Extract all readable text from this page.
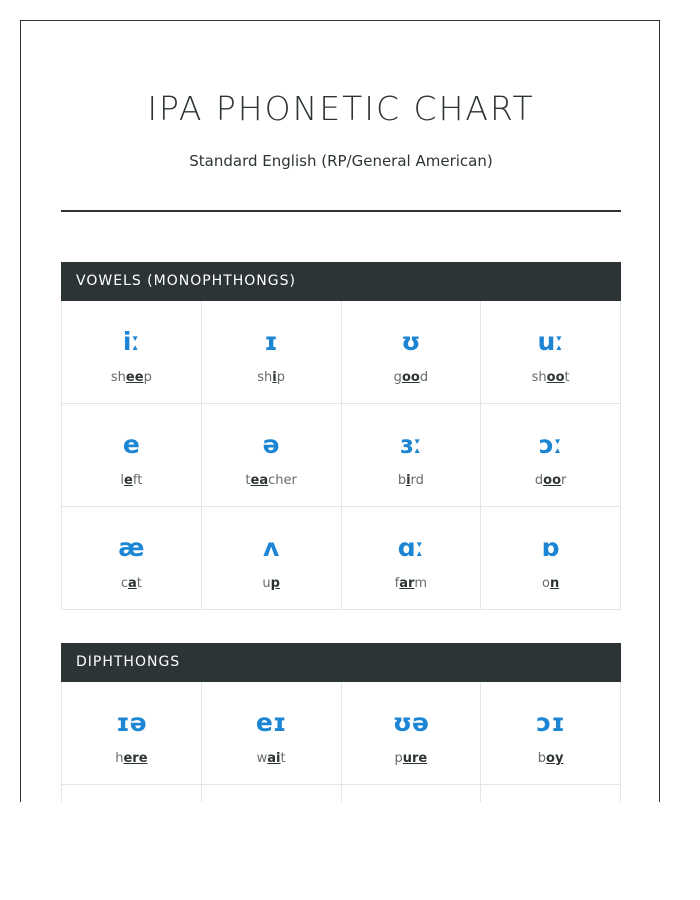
IPA PHONETIC CHART
Standard English (RP/General American)
VOWELS (MONOPHTHONGS)
iː
sheep
ɪ
ship
ʊ
good
uː
shoot
e
left
ə
teacher
ɜː
bird
ɔː
door
æ
cat
ʌ
up
ɑː
farm
ɒ
on
DIPHTHONGS
ɪə
here
eɪ
wait
ʊə
pure
ɔɪ
boy
